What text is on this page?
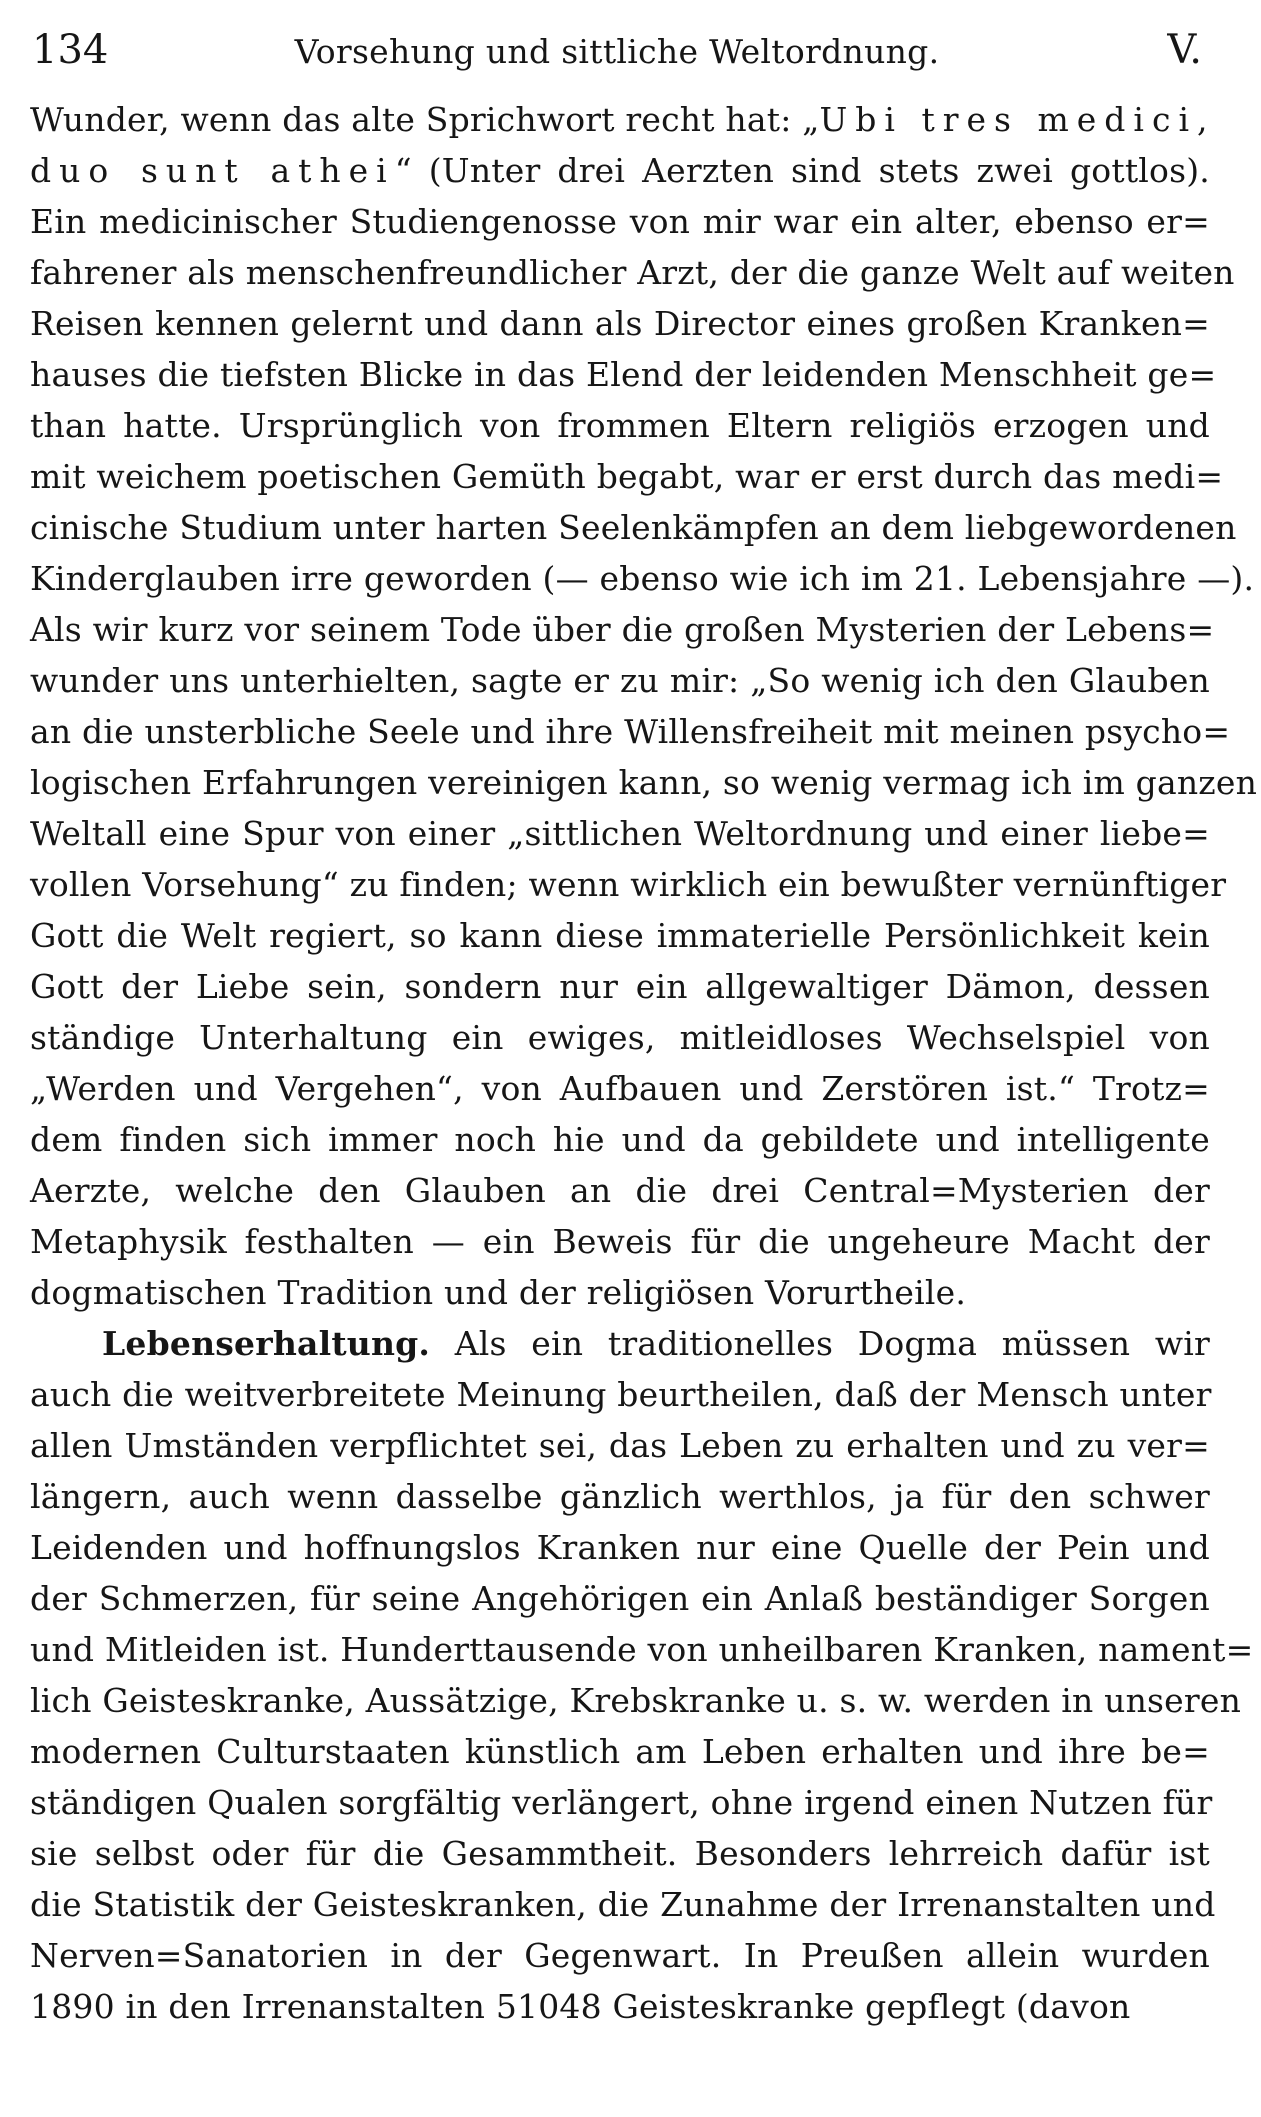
134	Vorsehung und sittliche Weltordnung.	V.
Wunder, wenn das alte Sprichwort recht hat: „Ubi tres medici,
duo sunt athei“ (Unter drei Aerzten sind stets zwei gottlos).
Ein medicinischer Studiengenosse von mir war ein alter, ebenso er=
fahrener als menschenfreundlicher Arzt, der die ganze Welt auf weiten
Reisen kennen gelernt und dann als Director eines großen Kranken=
hauses die tiefsten Blicke in das Elend der leidenden Menschheit ge=
than hatte. Ursprünglich von frommen Eltern religiös erzogen und
mit weichem poetischen Gemüth begabt, war er erst durch das medi=
cinische Studium unter harten Seelenkämpfen an dem liebgewordenen
Kinderglauben irre geworden (— ebenso wie ich im 21. Lebensjahre —).
Als wir kurz vor seinem Tode über die großen Mysterien der Lebens=
wunder uns unterhielten, sagte er zu mir: „So wenig ich den Glauben
an die unsterbliche Seele und ihre Willensfreiheit mit meinen psycho=
logischen Erfahrungen vereinigen kann, so wenig vermag ich im ganzen
Weltall eine Spur von einer „sittlichen Weltordnung und einer liebe=
vollen Vorsehung“ zu finden; wenn wirklich ein bewußter vernünftiger
Gott die Welt regiert, so kann diese immaterielle Persönlichkeit kein
Gott der Liebe sein, sondern nur ein allgewaltiger Dämon, dessen
ständige Unterhaltung ein ewiges, mitleidloses Wechselspiel von
„Werden und Vergehen“, von Aufbauen und Zerstören ist.“ Trotz=
dem finden sich immer noch hie und da gebildete und intelligente
Aerzte, welche den Glauben an die drei Central=Mysterien der
Metaphysik festhalten — ein Beweis für die ungeheure Macht der
dogmatischen Tradition und der religiösen Vorurtheile.
Lebenserhaltung. Als ein traditionelles Dogma müssen wir
auch die weitverbreitete Meinung beurtheilen, daß der Mensch unter
allen Umständen verpflichtet sei, das Leben zu erhalten und zu ver=
längern, auch wenn dasselbe gänzlich werthlos, ja für den schwer
Leidenden und hoffnungslos Kranken nur eine Quelle der Pein und
der Schmerzen, für seine Angehörigen ein Anlaß beständiger Sorgen
und Mitleiden ist. Hunderttausende von unheilbaren Kranken, nament=
lich Geisteskranke, Aussätzige, Krebskranke u. s. w. werden in unseren
modernen Culturstaaten künstlich am Leben erhalten und ihre be=
ständigen Qualen sorgfältig verlängert, ohne irgend einen Nutzen für
sie selbst oder für die Gesammtheit. Besonders lehrreich dafür ist
die Statistik der Geisteskranken, die Zunahme der Irrenanstalten und
Nerven=Sanatorien in der Gegenwart. In Preußen allein wurden
1890 in den Irrenanstalten 51048 Geisteskranke gepflegt (davon
